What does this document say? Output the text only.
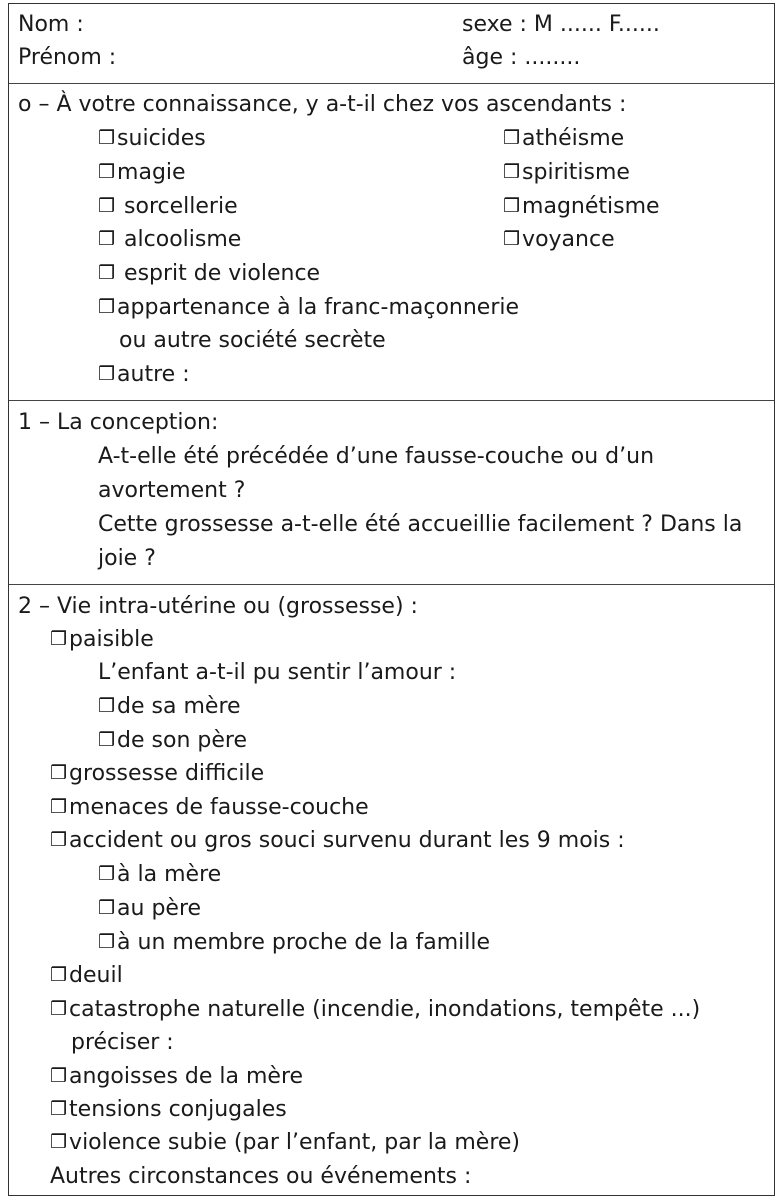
Nom :	sexe : M ...... F......
Prénom :	âge : ........
o – À votre connaissance, y a-t-il chez vos ascendants :
❒suicides
❒magie
❒ sorcellerie
❒ alcoolisme
❒ esprit de violence
❒appartenance à la franc-maçonnerie
ou autre société secrète
❒autre :
❒athéisme
❒spiritisme
❒magnétisme
❒voyance
1 – La conception:
A-t-elle été précédée d’une fausse-couche ou d’un
avortement ?
Cette grossesse a-t-elle été accueillie facilement ? Dans la
joie ?
2 – Vie intra-utérine ou (grossesse) :
❒paisible
L’enfant a-t-il pu sentir l’amour :
❒de sa mère
❒de son père
❒grossesse difficile
❒menaces de fausse-couche
❒accident ou gros souci survenu durant les 9 mois :
❒à la mère
❒au père
❒à un membre proche de la famille
❒deuil
❒catastrophe naturelle (incendie, inondations, tempête ...)
préciser :
❒angoisses de la mère
❒tensions conjugales
❒violence subie (par l’enfant, par la mère)
Autres circonstances ou événements :
